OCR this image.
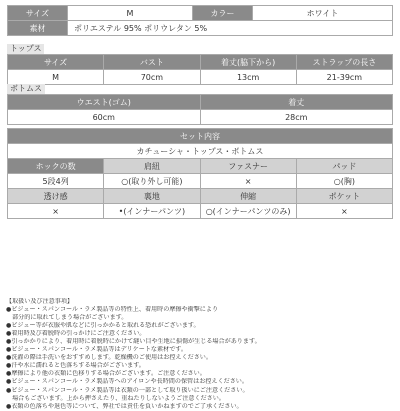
サイズ	M	カラー	ホワイト
素材	ポリエステル 95% ポリウレタン 5%		
トップス
サイズ	バスト	着丈(脇下から)	ストラップの長さ
M	70cm	13cm	21-39cm
ボトムス
ウエスト(ゴム)	着丈
60cm	28cm
セット内容			
カチューシャ・トップス・ボトムス			
ホックの数	肩紐	ファスナー	パッド
5段4列	○(取り外し可能)	×	○(胸)
透け感	裏地	伸縮	ポケット
×	•(インナーパンツ)	○(インナーパンツのみ)	×
【取扱い及び注意事項】
●ビジュー・スパンコール・ラメ製品等の特性上、着用時の摩擦や衝撃により
　部分的に取れてしまう場合がございます。
●ビジュー等が衣服や肌などに引っかかると取れる恐れがございます。
●着用時及び着脱時の引っかけにご注意ください。
●引っかかりにより、着用時に着脱時にかけて縫い目や生地に損傷が生じる場合があります。
●ビジュー・スパンコール・ラメ製品等はデリケートな素材です。
●洗濯の際は手洗いをおすすめします。乾燥機のご使用はお控えください。
●汗や水に濡れると色落ちする場合がございます。
●摩擦により他の衣類に色移りする場合がございます。ご注意ください。
●ビジュー・スパンコール・ラメ製品等へのアイロンや長時間の保管はお控えください。
●ビジュー・スパンコール・ラメ製品等は衣類の一部として取り扱いにご注意ください。
　場合もございます。上から押さえたり、重ねたりしないようご注意ください。
●衣類の色落ちや退色等について、弊社では責任を負いかねますのでご了承ください。
